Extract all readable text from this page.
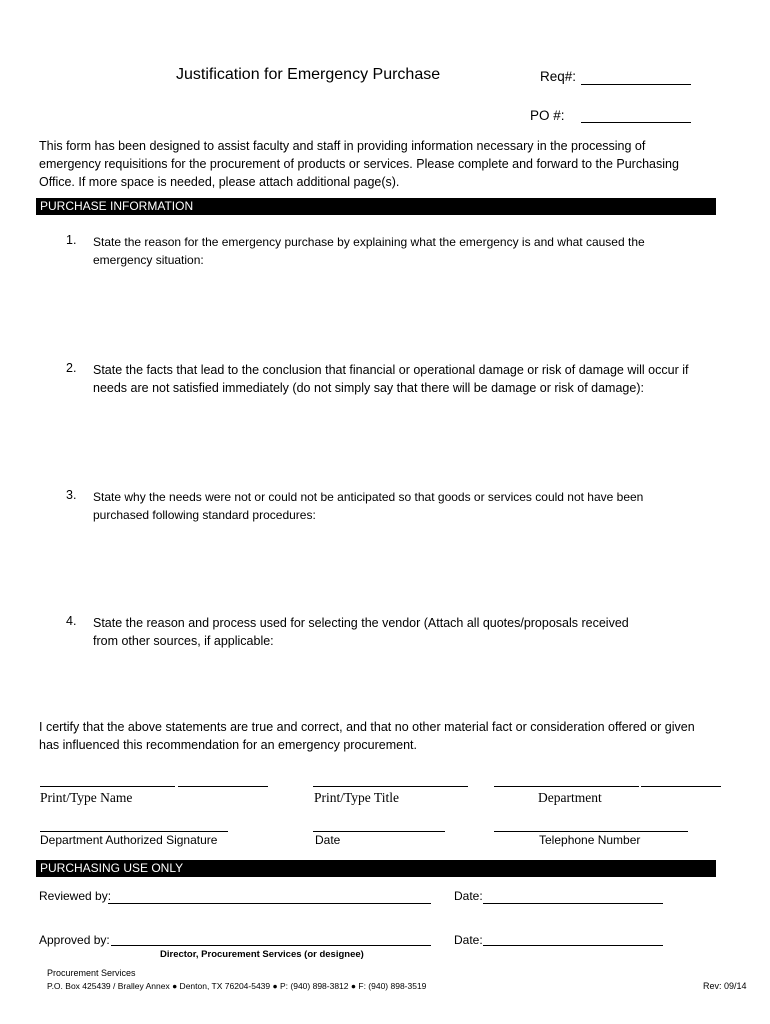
Justification for Emergency Purchase	Req#:
PO #:
This form has been designed to assist faculty and staff in providing information necessary in the processing of emergency requisitions for the procurement of products or services. Please complete and forward to the Purchasing Office. If more space is needed, please attach additional page(s).
PURCHASE INFORMATION
1. State the reason for the emergency purchase by explaining what the emergency is and what caused the emergency situation:
2. State the facts that lead to the conclusion that financial or operational damage or risk of damage will occur if needs are not satisfied immediately (do not simply say that there will be damage or risk of damage):
3. State why the needs were not or could not be anticipated so that goods or services could not have been purchased following standard procedures:
4. State the reason and process used for selecting the vendor (Attach all quotes/proposals received from other sources, if applicable:
I certify that the above statements are true and correct, and that no other material fact or consideration offered or given has influenced this recommendation for an emergency procurement.
Print/Type Name	Print/Type Title	Department
Department Authorized Signature	Date	Telephone Number
PURCHASING USE ONLY
Reviewed by:	Date:
Approved by:	Date:
Director, Procurement Services (or designee)
Procurement Services
P.O. Box 425439 / Bralley Annex ● Denton, TX 76204-5439 ● P: (940) 898-3812 ● F: (940) 898-3519	Rev: 09/14
